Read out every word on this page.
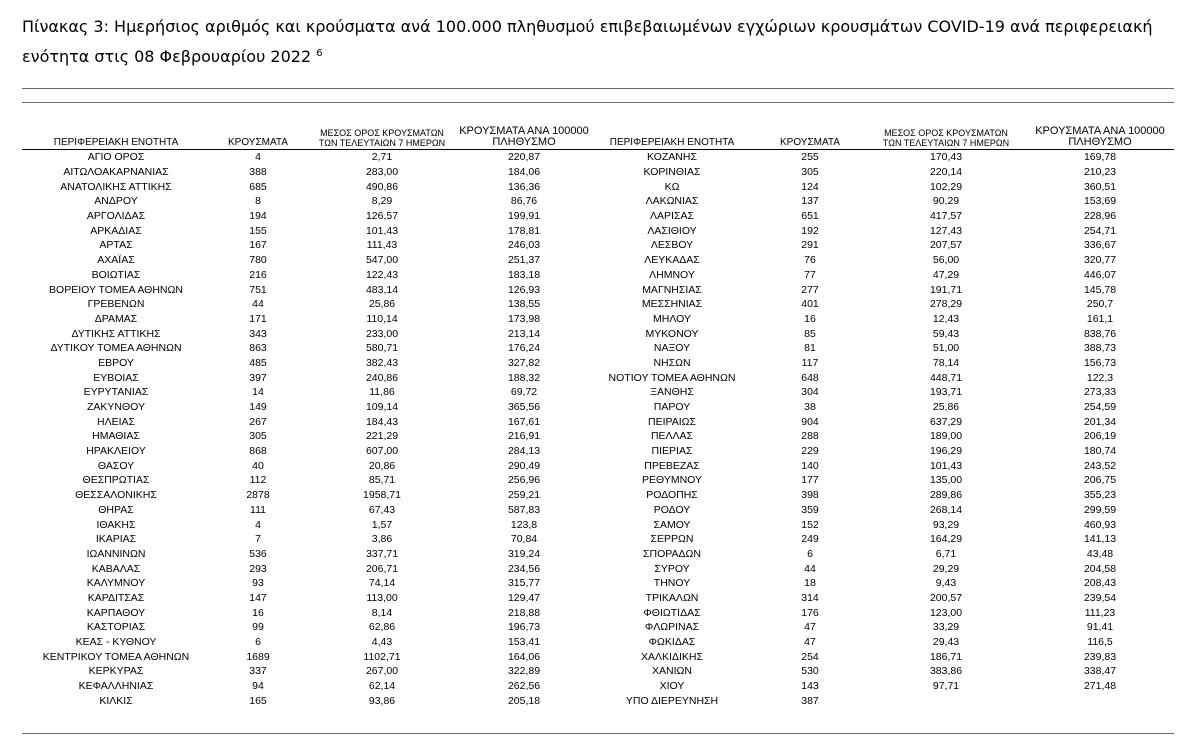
Πίνακας 3: Ημερήσιος αριθμός και κρούσματα ανά 100.000 πληθυσμού επιβεβαιωμένων εγχώριων κρουσμάτων COVID-19 ανά περιφερειακή ενότητα στις 08 Φεβρουαρίου 2022 $^6$
ΠΕΡΙΦΕΡΕΙΑΚΗ ΕΝΟΤΗΤΑ	ΚΡΟΥΣΜΑΤΑ	ΜΕΣΟΣ ΟΡΟΣ ΚΡΟΥΣΜΑΤΩΝ
ΤΩΝ ΤΕΛΕΥΤΑΙΩΝ 7 ΗΜΕΡΩΝ	ΚΡΟΥΣΜΑΤΑ ΑΝΑ 100000
ΠΛΗΘΥΣΜΟ	ΠΕΡΙΦΕΡΕΙΑΚΗ ΕΝΟΤΗΤΑ	ΚΡΟΥΣΜΑΤΑ	ΜΕΣΟΣ ΟΡΟΣ ΚΡΟΥΣΜΑΤΩΝ
ΤΩΝ ΤΕΛΕΥΤΑΙΩΝ 7 ΗΜΕΡΩΝ	ΚΡΟΥΣΜΑΤΑ ΑΝΑ 100000
ΠΛΗΘΥΣΜΟ
ΑΓΙΟ ΟΡΟΣ	4	2,71	220,87	ΚΟΖΑΝΗΣ	255	170,43	169,78
ΑΙΤΩΛΟΑΚΑΡΝΑΝΙΑΣ	388	283,00	184,06	ΚΟΡΙΝΘΙΑΣ	305	220,14	210,23
ΑΝΑΤΟΛΙΚΗΣ ΑΤΤΙΚΗΣ	685	490,86	136,36	ΚΩ	124	102,29	360,51
ΑΝΔΡΟΥ	8	8,29	86,76	ΛΑΚΩΝΙΑΣ	137	90,29	153,69
ΑΡΓΟΛΙΔΑΣ	194	126,57	199,91	ΛΑΡΙΣΑΣ	651	417,57	228,96
ΑΡΚΑΔΙΑΣ	155	101,43	178,81	ΛΑΣΙΘΙΟΥ	192	127,43	254,71
ΑΡΤΑΣ	167	111,43	246,03	ΛΕΣΒΟΥ	291	207,57	336,67
ΑΧΑΪΑΣ	780	547,00	251,37	ΛΕΥΚΑΔΑΣ	76	56,00	320,77
ΒΟΙΩΤΙΑΣ	216	122,43	183,18	ΛΗΜΝΟΥ	77	47,29	446,07
ΒΟΡΕΙΟΥ ΤΟΜΕΑ ΑΘΗΝΩΝ	751	483,14	126,93	ΜΑΓΝΗΣΙΑΣ	277	191,71	145,78
ΓΡΕΒΕΝΩΝ	44	25,86	138,55	ΜΕΣΣΗΝΙΑΣ	401	278,29	250,7
ΔΡΑΜΑΣ	171	110,14	173,98	ΜΗΛΟΥ	16	12,43	161,1
ΔΥΤΙΚΗΣ ΑΤΤΙΚΗΣ	343	233,00	213,14	ΜΥΚΟΝΟΥ	85	59,43	838,76
ΔΥΤΙΚΟΥ ΤΟΜΕΑ ΑΘΗΝΩΝ	863	580,71	176,24	ΝΑΞΟΥ	81	51,00	388,73
ΕΒΡΟΥ	485	382,43	327,82	ΝΗΣΩΝ	117	78,14	156,73
ΕΥΒΟΙΑΣ	397	240,86	188,32	ΝΟΤΙΟΥ ΤΟΜΕΑ ΑΘΗΝΩΝ	648	448,71	122,3
ΕΥΡΥΤΑΝΙΑΣ	14	11,86	69,72	ΞΑΝΘΗΣ	304	193,71	273,33
ΖΑΚΥΝΘΟΥ	149	109,14	365,56	ΠΑΡΟΥ	38	25,86	254,59
ΗΛΕΙΑΣ	267	184,43	167,61	ΠΕΙΡΑΙΩΣ	904	637,29	201,34
ΗΜΑΘΙΑΣ	305	221,29	216,91	ΠΕΛΛΑΣ	288	189,00	206,19
ΗΡΑΚΛΕΙΟΥ	868	607,00	284,13	ΠΙΕΡΙΑΣ	229	196,29	180,74
ΘΑΣΟΥ	40	20,86	290,49	ΠΡΕΒΕΖΑΣ	140	101,43	243,52
ΘΕΣΠΡΩΤΙΑΣ	112	85,71	256,96	ΡΕΘΥΜΝΟΥ	177	135,00	206,75
ΘΕΣΣΑΛΟΝΙΚΗΣ	2878	1958,71	259,21	ΡΟΔΟΠΗΣ	398	289,86	355,23
ΘΗΡΑΣ	111	67,43	587,83	ΡΟΔΟΥ	359	268,14	299,59
ΙΘΑΚΗΣ	4	1,57	123,8	ΣΑΜΟΥ	152	93,29	460,93
ΙΚΑΡΙΑΣ	7	3,86	70,84	ΣΕΡΡΩΝ	249	164,29	141,13
ΙΩΑΝΝΙΝΩΝ	536	337,71	319,24	ΣΠΟΡΑΔΩΝ	6	6,71	43,48
ΚΑΒΑΛΑΣ	293	206,71	234,56	ΣΥΡΟΥ	44	29,29	204,58
ΚΑΛΥΜΝΟΥ	93	74,14	315,77	ΤΗΝΟΥ	18	9,43	208,43
ΚΑΡΔΙΤΣΑΣ	147	113,00	129,47	ΤΡΙΚΑΛΩΝ	314	200,57	239,54
ΚΑΡΠΑΘΟΥ	16	8,14	218,88	ΦΘΙΩΤΙΔΑΣ	176	123,00	111,23
ΚΑΣΤΟΡΙΑΣ	99	62,86	196,73	ΦΛΩΡΙΝΑΣ	47	33,29	91,41
ΚΕΑΣ - ΚΥΘΝΟΥ	6	4,43	153,41	ΦΩΚΙΔΑΣ	47	29,43	116,5
ΚΕΝΤΡΙΚΟΥ ΤΟΜΕΑ ΑΘΗΝΩΝ	1689	1102,71	164,06	ΧΑΛΚΙΔΙΚΗΣ	254	186,71	239,83
ΚΕΡΚΥΡΑΣ	337	267,00	322,89	ΧΑΝΙΩΝ	530	383,86	338,47
ΚΕΦΑΛΛΗΝΙΑΣ	94	62,14	262,56	ΧΙΟΥ	143	97,71	271,48
ΚΙΛΚΙΣ	165	93,86	205,18	ΥΠΟ ΔΙΕΡΕΥΝΗΣΗ	387		
